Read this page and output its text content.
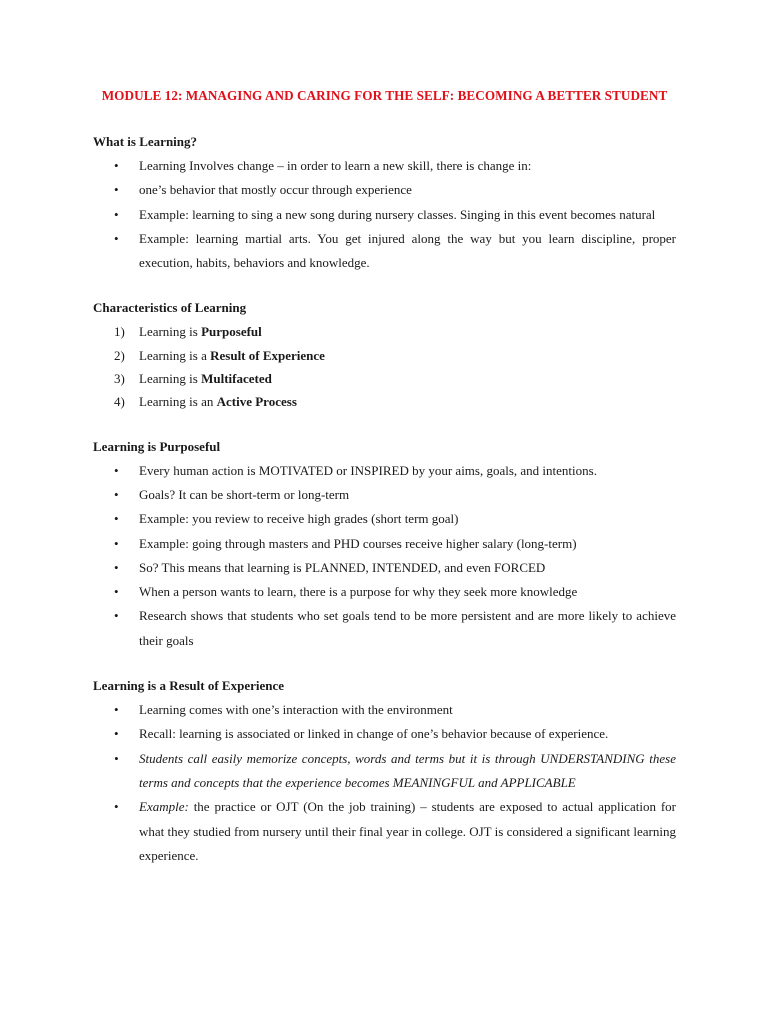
MODULE 12: MANAGING AND CARING FOR THE SELF: BECOMING A BETTER STUDENT
What is Learning?
• Learning Involves change – in order to learn a new skill, there is change in:
• one’s behavior that mostly occur through experience
• Example: learning to sing a new song during nursery classes. Singing in this event becomes natural
• Example: learning martial arts. You get injured along the way but you learn discipline, proper execution, habits, behaviors and knowledge.
Characteristics of Learning
1) Learning is Purposeful
2) Learning is a Result of Experience
3) Learning is Multifaceted
4) Learning is an Active Process
Learning is Purposeful
• Every human action is MOTIVATED or INSPIRED by your aims, goals, and intentions.
• Goals? It can be short-term or long-term
• Example: you review to receive high grades (short term goal)
• Example: going through masters and PHD courses receive higher salary (long-term)
• So? This means that learning is PLANNED, INTENDED, and even FORCED
• When a person wants to learn, there is a purpose for why they seek more knowledge
• Research shows that students who set goals tend to be more persistent and are more likely to achieve their goals
Learning is a Result of Experience
• Learning comes with one’s interaction with the environment
• Recall: learning is associated or linked in change of one’s behavior because of experience.
• Students call easily memorize concepts, words and terms but it is through UNDERSTANDING these terms and concepts that the experience becomes MEANINGFUL and APPLICABLE
• Example: the practice or OJT (On the job training) – students are exposed to actual application for what they studied from nursery until their final year in college. OJT is considered a significant learning experience.
